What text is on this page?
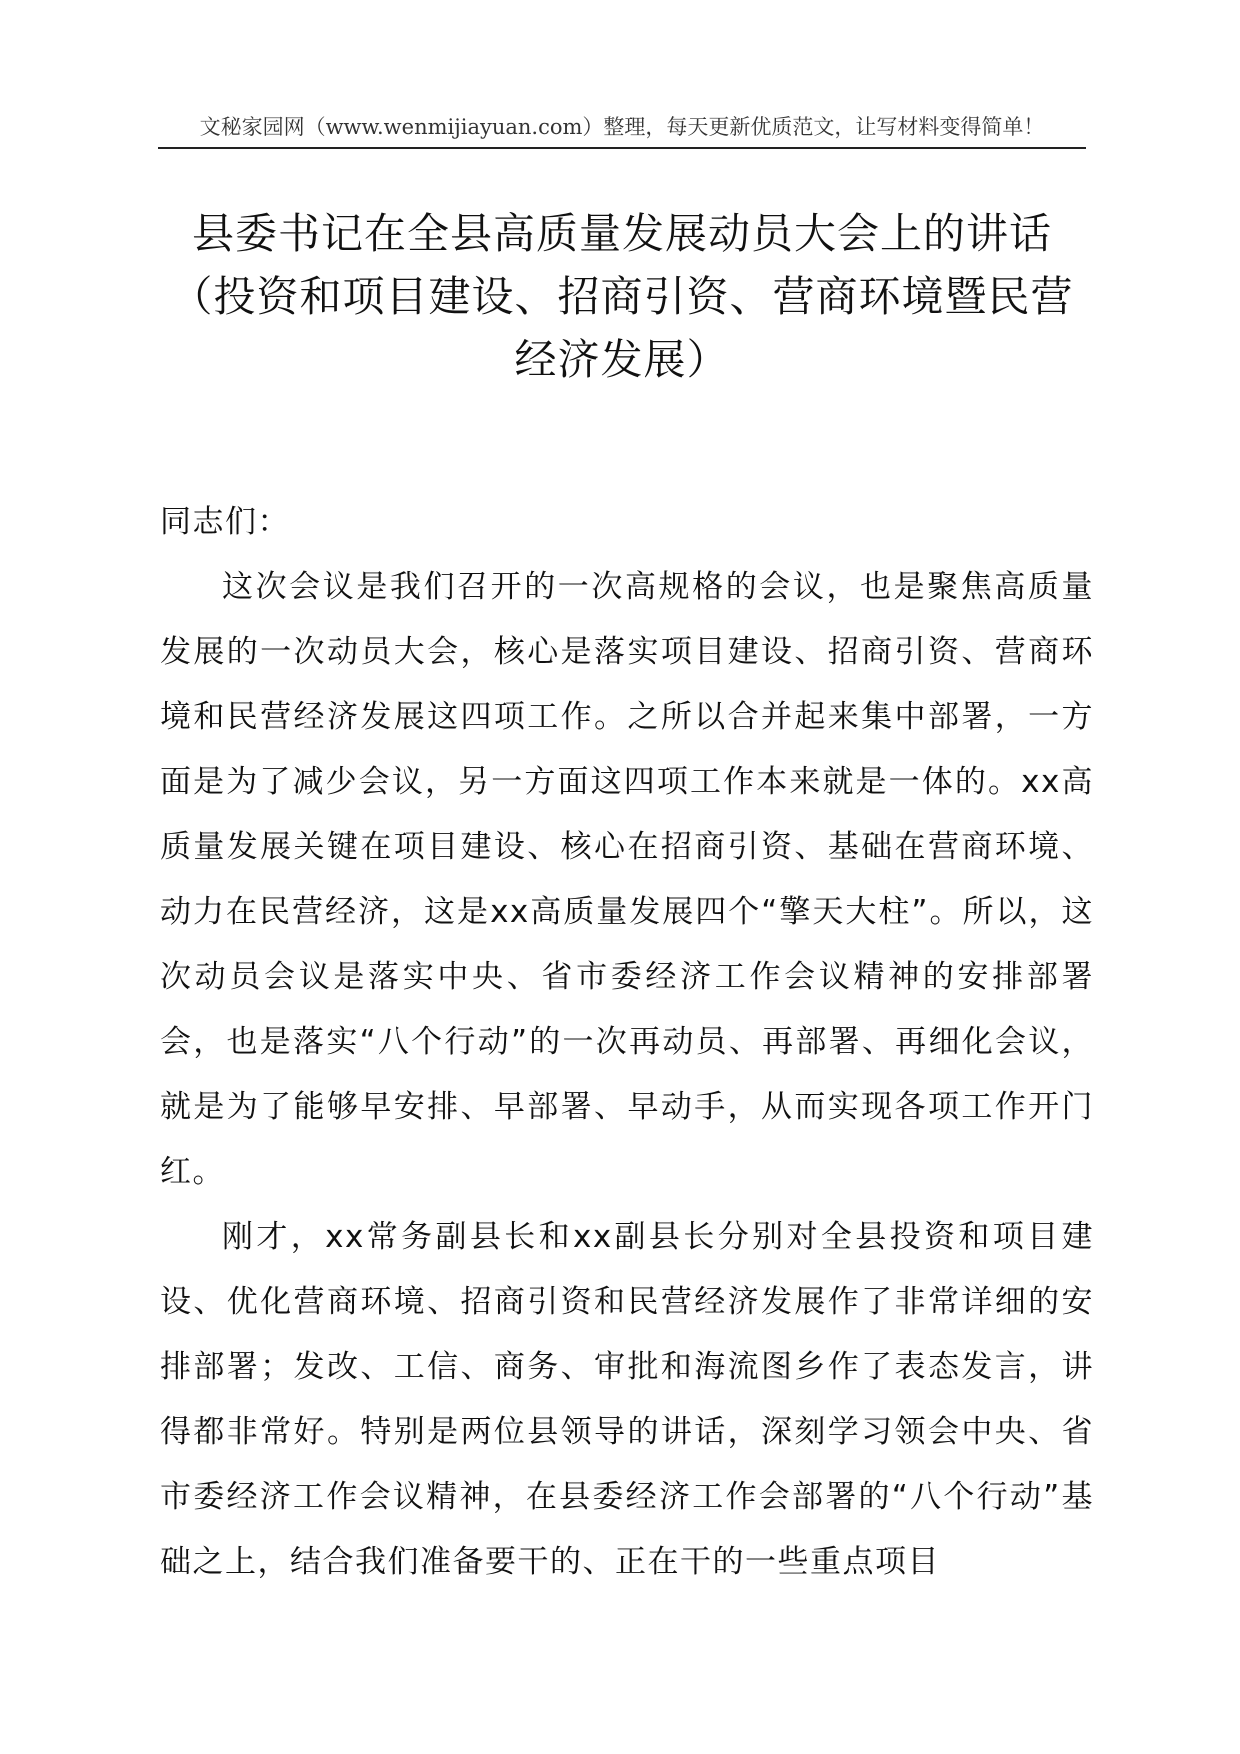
文秘家园网（www.wenmijiayuan.com）整理，每天更新优质范文，让写材料变得简单！
县委书记在全县高质量发展动员大会上的讲话（投资和项目建设、招商引资、营商环境暨民营经济发展）

同志们：

这次会议是我们召开的一次高规格的会议，也是聚焦高质量发展的一次动员大会，核心是落实项目建设、招商引资、营商环境和民营经济发展这四项工作。之所以合并起来集中部署，一方面是为了减少会议，另一方面这四项工作本来就是一体的。xx高质量发展关键在项目建设、核心在招商引资、基础在营商环境、动力在民营经济，这是xx高质量发展四个“擎天大柱”。所以，这次动员会议是落实中央、省市委经济工作会议精神的安排部署会，也是落实“八个行动”的一次再动员、再部署、再细化会议，就是为了能够早安排、早部署、早动手，从而实现各项工作开门红。

刚才，xx常务副县长和xx副县长分别对全县投资和项目建设、优化营商环境、招商引资和民营经济发展作了非常详细的安排部署；发改、工信、商务、审批和海流图乡作了表态发言，讲得都非常好。特别是两位县领导的讲话，深刻学习领会中央、省市委经济工作会议精神，在县委经济工作会部署的“八个行动”基础之上，结合我们准备要干的、正在干的一些重点项目
